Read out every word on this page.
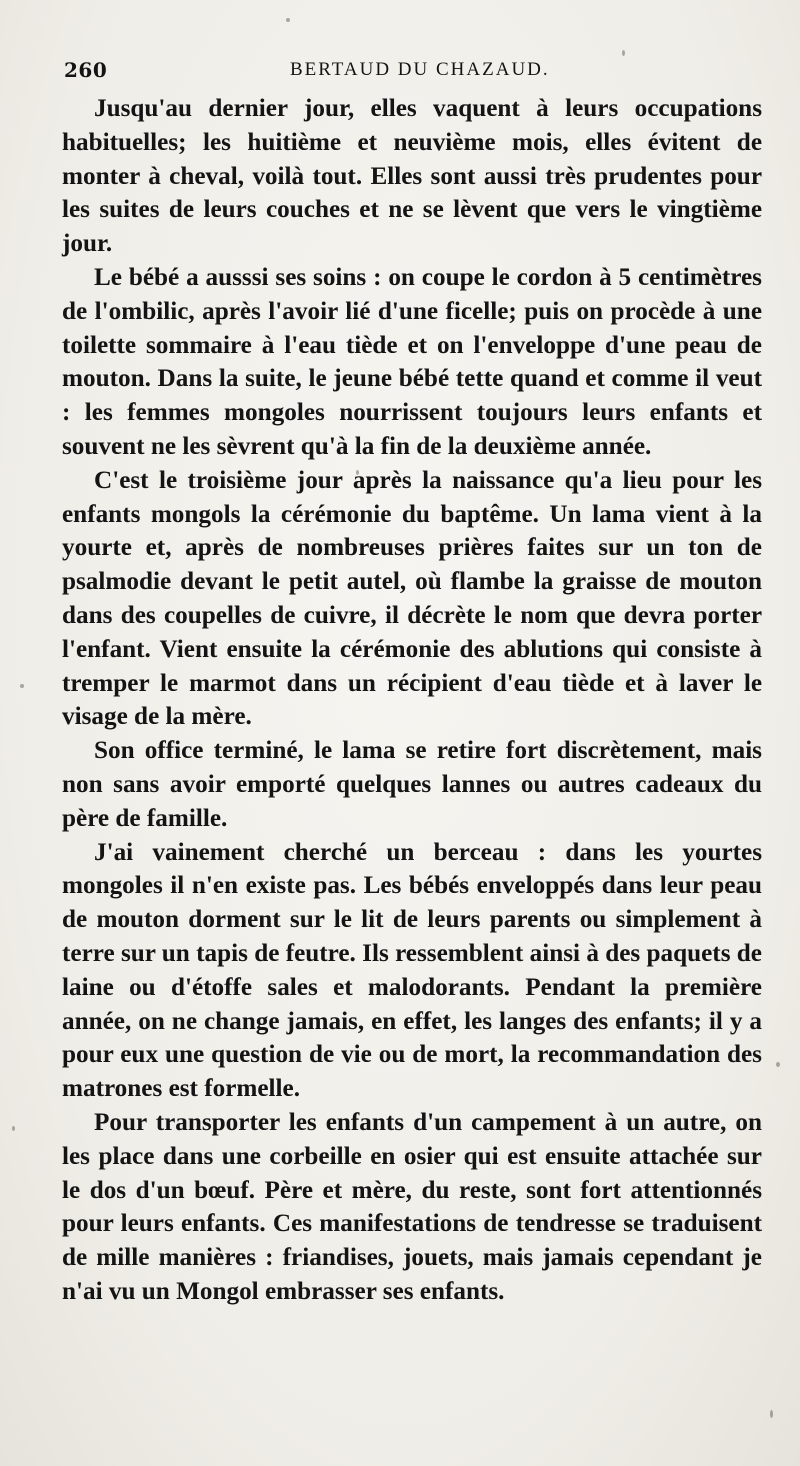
260	BERTAUD DU CHAZAUD.

Jusqu'au dernier jour, elles vaquent à leurs occupations habituelles; les huitième et neuvième mois, elles évitent de monter à cheval, voilà tout. Elles sont aussi très prudentes pour les suites de leurs couches et ne se lèvent que vers le vingtième jour.

Le bébé a ausssi ses soins : on coupe le cordon à 5 centimètres de l'ombilic, après l'avoir lié d'une ficelle; puis on procède à une toilette sommaire à l'eau tiède et on l'enveloppe d'une peau de mouton. Dans la suite, le jeune bébé tette quand et comme il veut : les femmes mongoles nourrissent toujours leurs enfants et souvent ne les sèvrent qu'à la fin de la deuxième année.

C'est le troisième jour après la naissance qu'a lieu pour les enfants mongols la cérémonie du baptême. Un lama vient à la yourte et, après de nombreuses prières faites sur un ton de psalmodie devant le petit autel, où flambe la graisse de mouton dans des coupelles de cuivre, il décrète le nom que devra porter l'enfant. Vient ensuite la cérémonie des ablutions qui consiste à tremper le marmot dans un récipient d'eau tiède et à laver le visage de la mère.

Son office terminé, le lama se retire fort discrètement, mais non sans avoir emporté quelques lannes ou autres cadeaux du père de famille.

J'ai vainement cherché un berceau : dans les yourtes mongoles il n'en existe pas. Les bébés enveloppés dans leur peau de mouton dorment sur le lit de leurs parents ou simplement à terre sur un tapis de feutre. Ils ressemblent ainsi à des paquets de laine ou d'étoffe sales et malodorants. Pendant la première année, on ne change jamais, en effet, les langes des enfants; il y a pour eux une question de vie ou de mort, la recommandation des matrones est formelle.

Pour transporter les enfants d'un campement à un autre, on les place dans une corbeille en osier qui est ensuite attachée sur le dos d'un bœuf. Père et mère, du reste, sont fort attentionnés pour leurs enfants. Ces manifestations de tendresse se traduisent de mille manières : friandises, jouets, mais jamais cependant je n'ai vu un Mongol embrasser ses enfants.
